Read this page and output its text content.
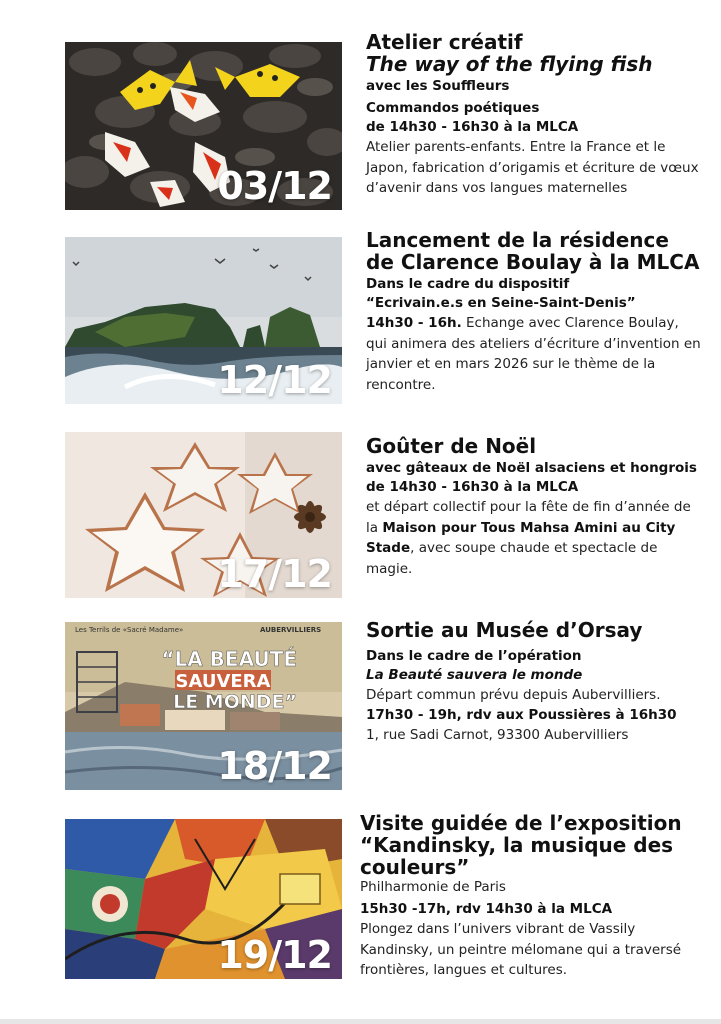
03/12
Atelier créatif
The way of the flying fish
avec les Souffleurs
Commandos poétiques
de 14h30 - 16h30 à la MLCA
Atelier parents-enfants. Entre la France et le Japon, fabrication d’origamis et écriture de vœux d’avenir dans vos langues maternelles
12/12
Lancement de la résidence de Clarence Boulay à la MLCA
Dans le cadre du dispositif
“Ecrivain.e.s en Seine-Saint-Denis”
14h30 - 16h. Echange avec Clarence Boulay, qui animera des ateliers d’écriture d’invention en janvier et en mars 2026 sur le thème de la rencontre.
17/12
Goûter de Noël
avec gâteaux de Noël alsaciens et hongrois
de 14h30 - 16h30 à la MLCA
et départ collectif pour la fête de fin d’année de la Maison pour Tous Mahsa Amini au City Stade, avec soupe chaude et spectacle de magie.
Les Terrils de «Sacré Madame»	AUBERVILLIERS
“LA BEAUTÉ
SAUVERA
LE MONDE”
18/12
Sortie au Musée d’Orsay
Dans le cadre de l’opération
La Beauté sauvera le monde
Départ commun prévu depuis Aubervilliers.
17h30 - 19h, rdv aux Poussières à 16h30
1, rue Sadi Carnot, 93300 Aubervilliers
19/12
Visite guidée de l’exposition “Kandinsky, la musique des couleurs”
Philharmonie de Paris
15h30 -17h, rdv 14h30 à la MLCA
Plongez dans l’univers vibrant de Vassily Kandinsky, un peintre mélomane qui a traversé frontières, langues et cultures.
